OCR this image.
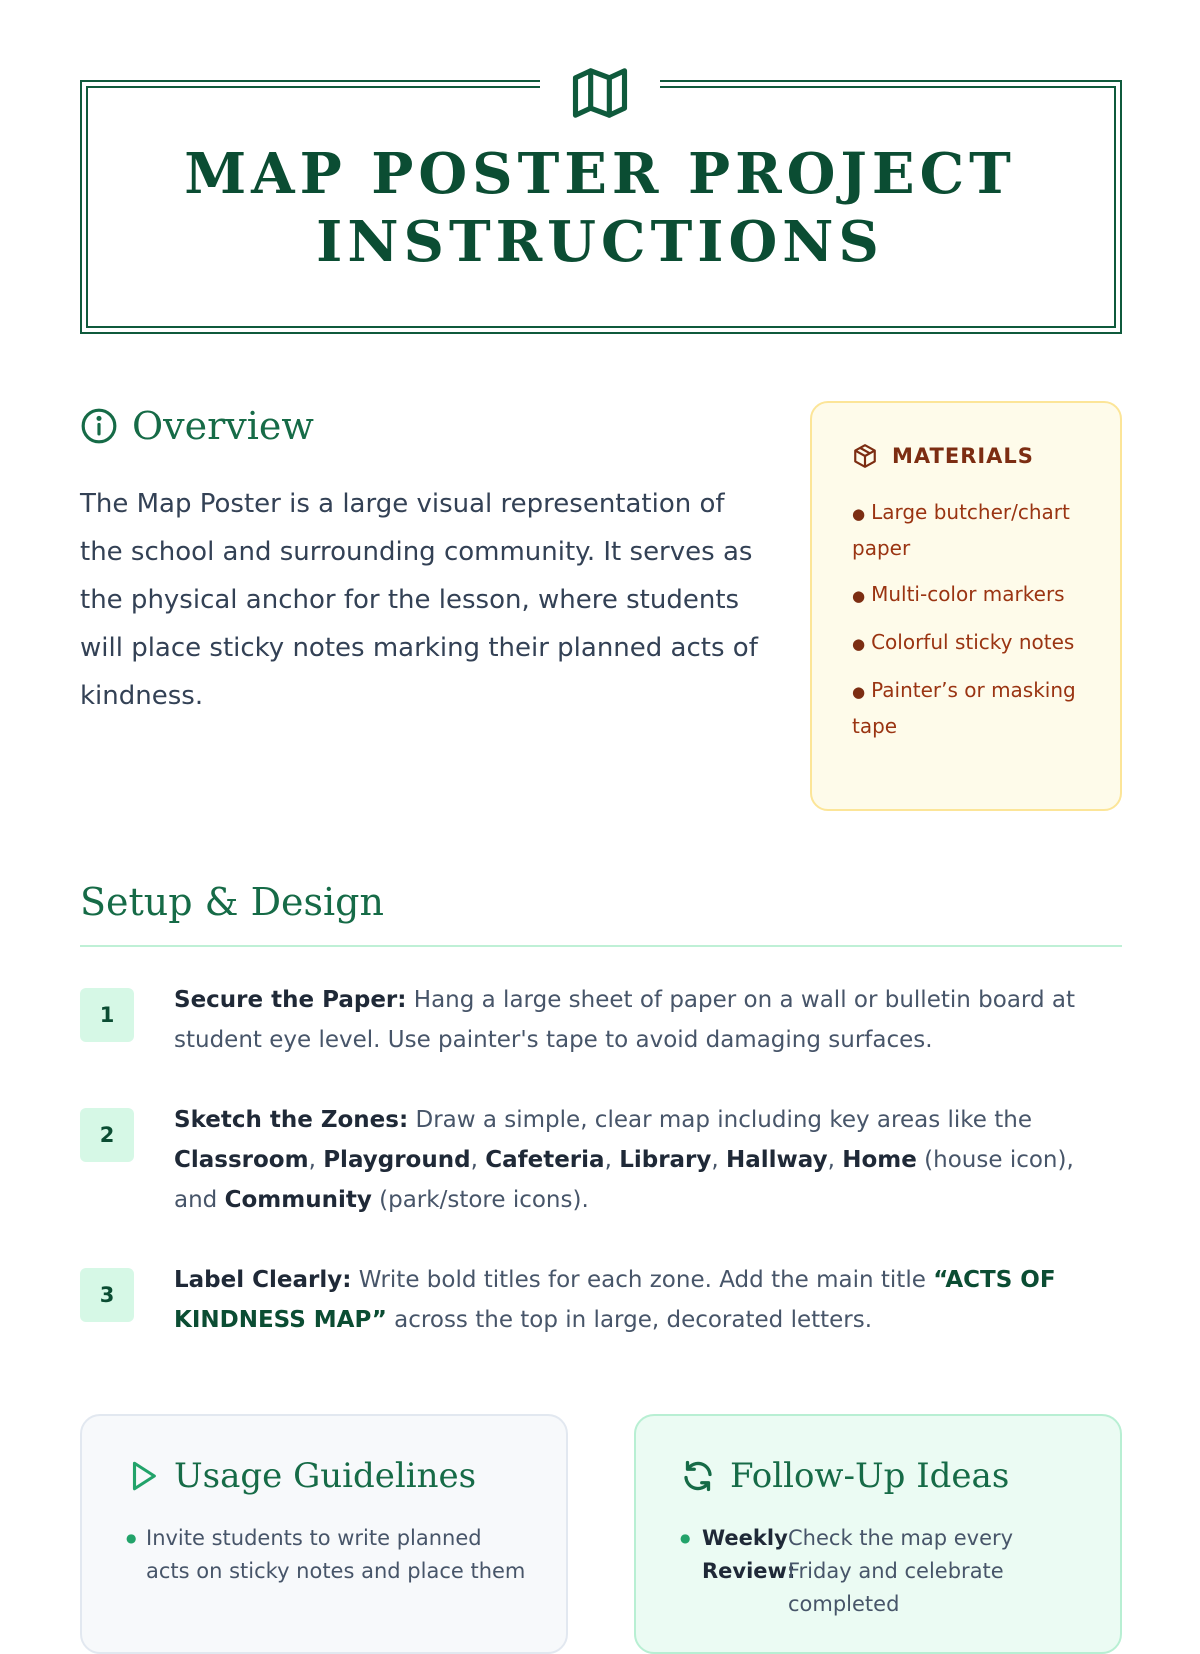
MAP POSTER PROJECT INSTRUCTIONS
Overview

The Map Poster is a large visual representation of the school and surrounding community. It serves as the physical anchor for the lesson, where students will place sticky notes marking their planned acts of kindness.

MATERIALS
● Large butcher/chart paper
● Multi-color markers
● Colorful sticky notes
● Painter’s or masking tape
Setup & Design
1

Secure the Paper: Hang a large sheet of paper on a wall or bulletin board at student eye level. Use painter's tape to avoid damaging surfaces.

2

Sketch the Zones: Draw a simple, clear map including key areas like the Classroom, Playground, Cafeteria, Library, Hallway, Home (house icon), and Community (park/store icons).

3

Label Clearly: Write bold titles for each zone. Add the main title “ACTS OF KINDNESS MAP” across the top in large, decorated letters.

Usage Guidelines
● Invite students to write planned acts on sticky notes and place them
Follow-Up Ideas
● Weekly Review:
Check the map every Friday and celebrate completed
